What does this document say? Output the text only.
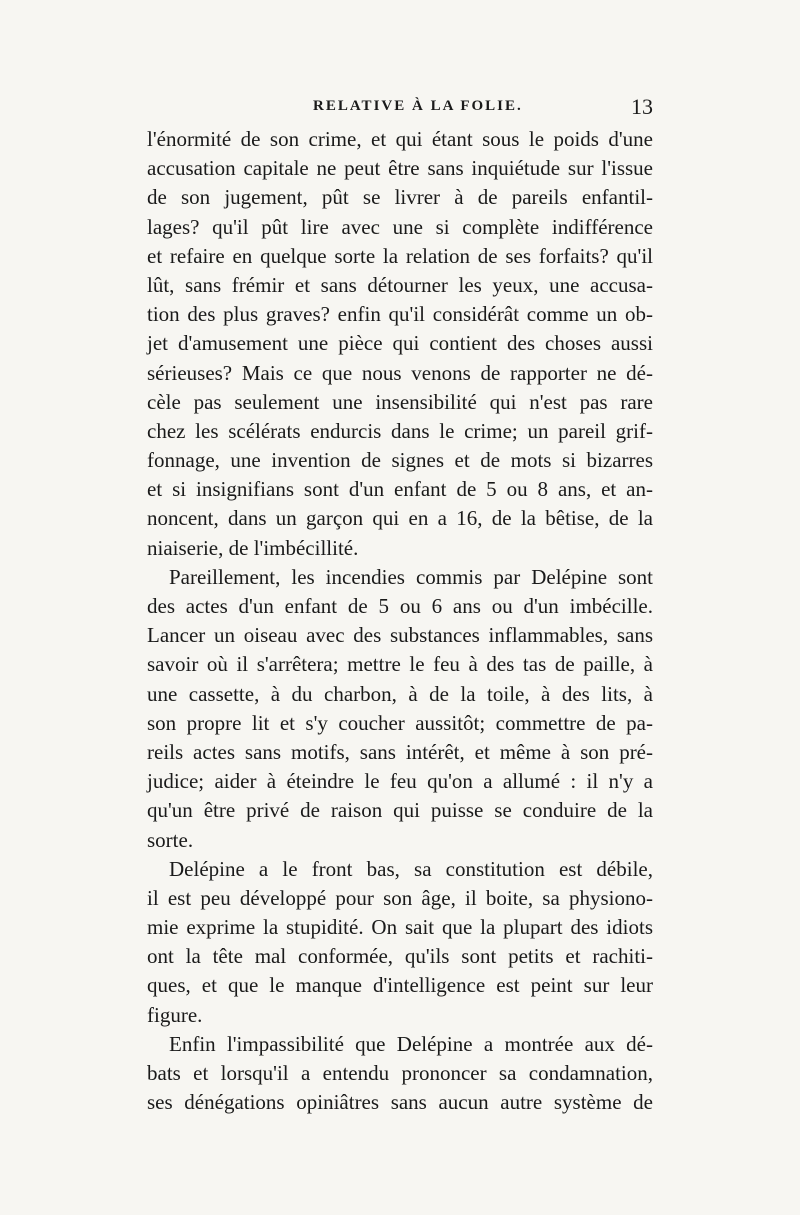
RELATIVE À LA FOLIE.	13
l'énormité de son crime, et qui étant sous le poids d'une
accusation capitale ne peut être sans inquiétude sur l'issue
de son jugement, pût se livrer à de pareils enfantil-
lages? qu'il pût lire avec une si complète indifférence
et refaire en quelque sorte la relation de ses forfaits? qu'il
lût, sans frémir et sans détourner les yeux, une accusa-
tion des plus graves? enfin qu'il considérât comme un ob-
jet d'amusement une pièce qui contient des choses aussi
sérieuses? Mais ce que nous venons de rapporter ne dé-
cèle pas seulement une insensibilité qui n'est pas rare
chez les scélérats endurcis dans le crime; un pareil grif-
fonnage, une invention de signes et de mots si bizarres
et si insignifians sont d'un enfant de 5 ou 8 ans, et an-
noncent, dans un garçon qui en a 16, de la bêtise, de la
niaiserie, de l'imbécillité.
Pareillement, les incendies commis par Delépine sont
des actes d'un enfant de 5 ou 6 ans ou d'un imbécille.
Lancer un oiseau avec des substances inflammables, sans
savoir où il s'arrêtera; mettre le feu à des tas de paille, à
une cassette, à du charbon, à de la toile, à des lits, à
son propre lit et s'y coucher aussitôt; commettre de pa-
reils actes sans motifs, sans intérêt, et même à son pré-
judice; aider à éteindre le feu qu'on a allumé : il n'y a
qu'un être privé de raison qui puisse se conduire de la
sorte.
Delépine a le front bas, sa constitution est débile,
il est peu développé pour son âge, il boite, sa physiono-
mie exprime la stupidité. On sait que la plupart des idiots
ont la tête mal conformée, qu'ils sont petits et rachiti-
ques, et que le manque d'intelligence est peint sur leur
figure.
Enfin l'impassibilité que Delépine a montrée aux dé-
bats et lorsqu'il a entendu prononcer sa condamnation,
ses dénégations opiniâtres sans aucun autre système de
